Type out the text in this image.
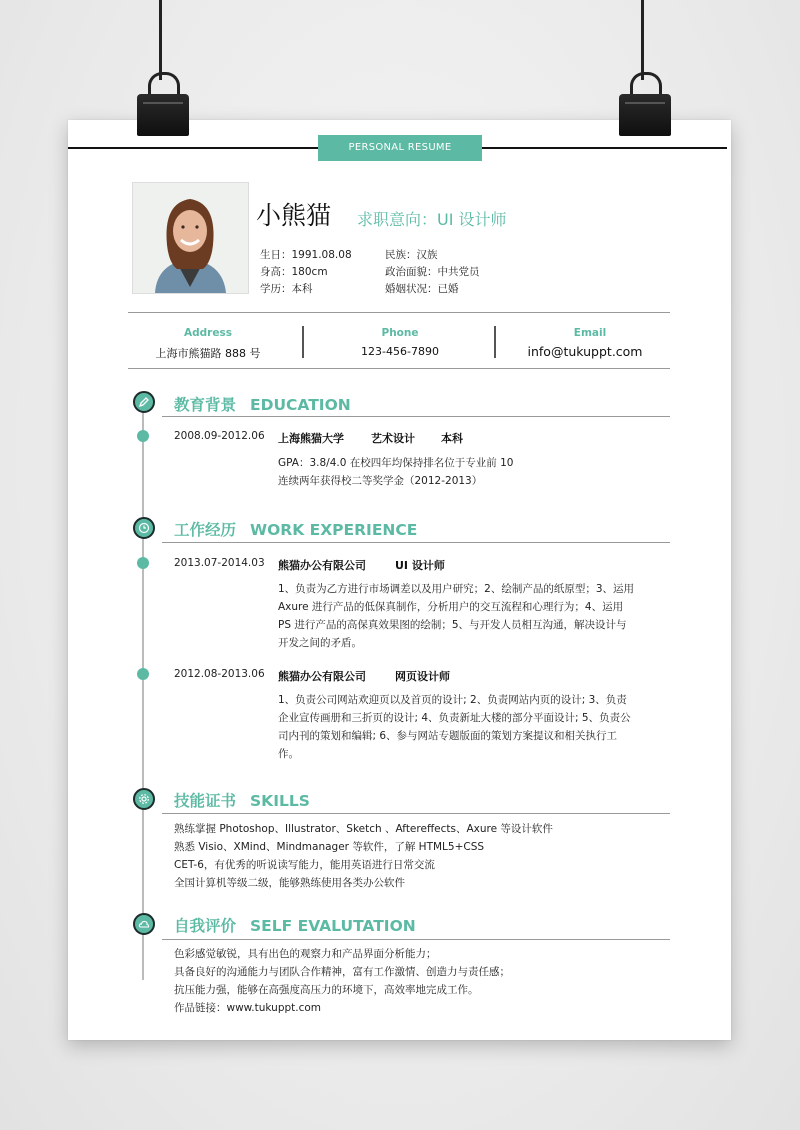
PERSONAL RESUME
小熊猫 求职意向：UI 设计师
生日：1991.08.08
身高：180cm
学历：本科
民族：汉族
政治面貌：中共党员
婚姻状况：已婚
Address
上海市熊猫路 888 号
Phone
123-456-7890
Email
info@tukuppt.com
教育背景 EDUCATION
2008.09-2012.06 上海熊猫大学 艺术设计 本科
GPA：3.8/4.0 在校四年均保持排名位于专业前 10
连续两年获得校二等奖学金（2012-2013）
工作经历 WORK EXPERIENCE
2013.07-2014.03 熊猫办公有限公司	UI 设计师
1、负责为乙方进行市场调差以及用户研究；2、绘制产品的纸原型；3、运用
Axure 进行产品的低保真制作，分析用户的交互流程和心理行为；4、运用
PS 进行产品的高保真效果图的绘制；5、与开发人员相互沟通，解决设计与
开发之间的矛盾。
2012.08-2013.06 熊猫办公有限公司	网页设计师
1、负责公司网站欢迎页以及首页的设计; 2、负责网站内页的设计; 3、负责
企业宣传画册和三折页的设计; 4、负责新址大楼的部分平面设计; 5、负责公
司内刊的策划和编辑; 6、参与网站专题版面的策划方案提议和相关执行工
作。
技能证书 SKILLS
熟练掌握 Photoshop、Illustrator、Sketch 、Aftereffects、Axure 等设计软件
熟悉 Visio、XMind、Mindmanager 等软件，了解 HTML5+CSS
CET-6，有优秀的听说读写能力，能用英语进行日常交流
全国计算机等级二级，能够熟练使用各类办公软件
自我评价 SELF EVALUTATION
色彩感觉敏锐，具有出色的观察力和产品界面分析能力；
具备良好的沟通能力与团队合作精神，富有工作激情、创造力与责任感；
抗压能力强，能够在高强度高压力的环境下，高效率地完成工作。
作品链接：www.tukuppt.com
